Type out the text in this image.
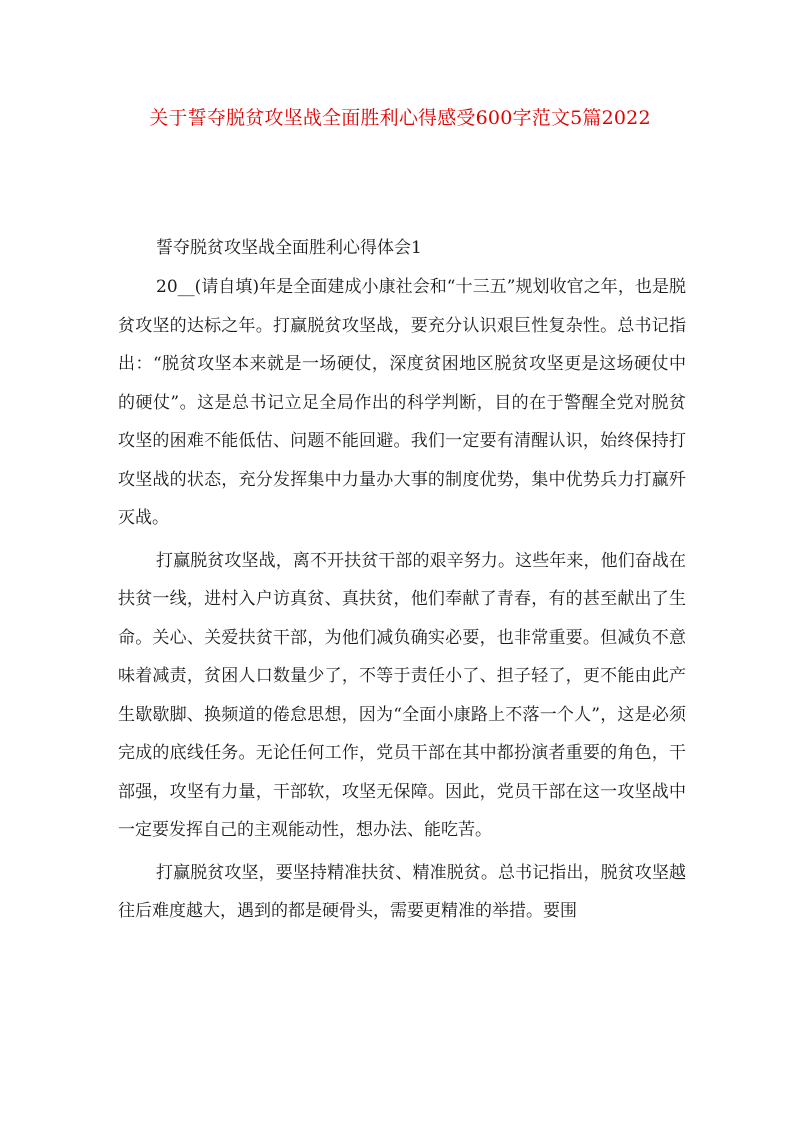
关于誓夺脱贫攻坚战全面胜利心得感受600字范文5篇2022

誓夺脱贫攻坚战全面胜利心得体会1

20__(请自填)年是全面建成小康社会和“十三五”规划收官之年，也是脱贫攻坚的达标之年。打赢脱贫攻坚战，要充分认识艰巨性复杂性。总书记指出：“脱贫攻坚本来就是一场硬仗，深度贫困地区脱贫攻坚更是这场硬仗中的硬仗”。这是总书记立足全局作出的科学判断，目的在于警醒全党对脱贫攻坚的困难不能低估、问题不能回避。我们一定要有清醒认识，始终保持打攻坚战的状态，充分发挥集中力量办大事的制度优势，集中优势兵力打赢歼灭战。

打赢脱贫攻坚战，离不开扶贫干部的艰辛努力。这些年来，他们奋战在扶贫一线，进村入户访真贫、真扶贫，他们奉献了青春，有的甚至献出了生命。关心、关爱扶贫干部，为他们减负确实必要，也非常重要。但减负不意味着减责，贫困人口数量少了，不等于责任小了、担子轻了，更不能由此产生歇歇脚、换频道的倦怠思想，因为“全面小康路上不落一个人”，这是必须完成的底线任务。无论任何工作，党员干部在其中都扮演者重要的角色，干部强，攻坚有力量，干部软，攻坚无保障。因此，党员干部在这一攻坚战中一定要发挥自己的主观能动性，想办法、能吃苦。

打赢脱贫攻坚，要坚持精准扶贫、精准脱贫。总书记指出，脱贫攻坚越往后难度越大，遇到的都是硬骨头，需要更精准的举措。要围
